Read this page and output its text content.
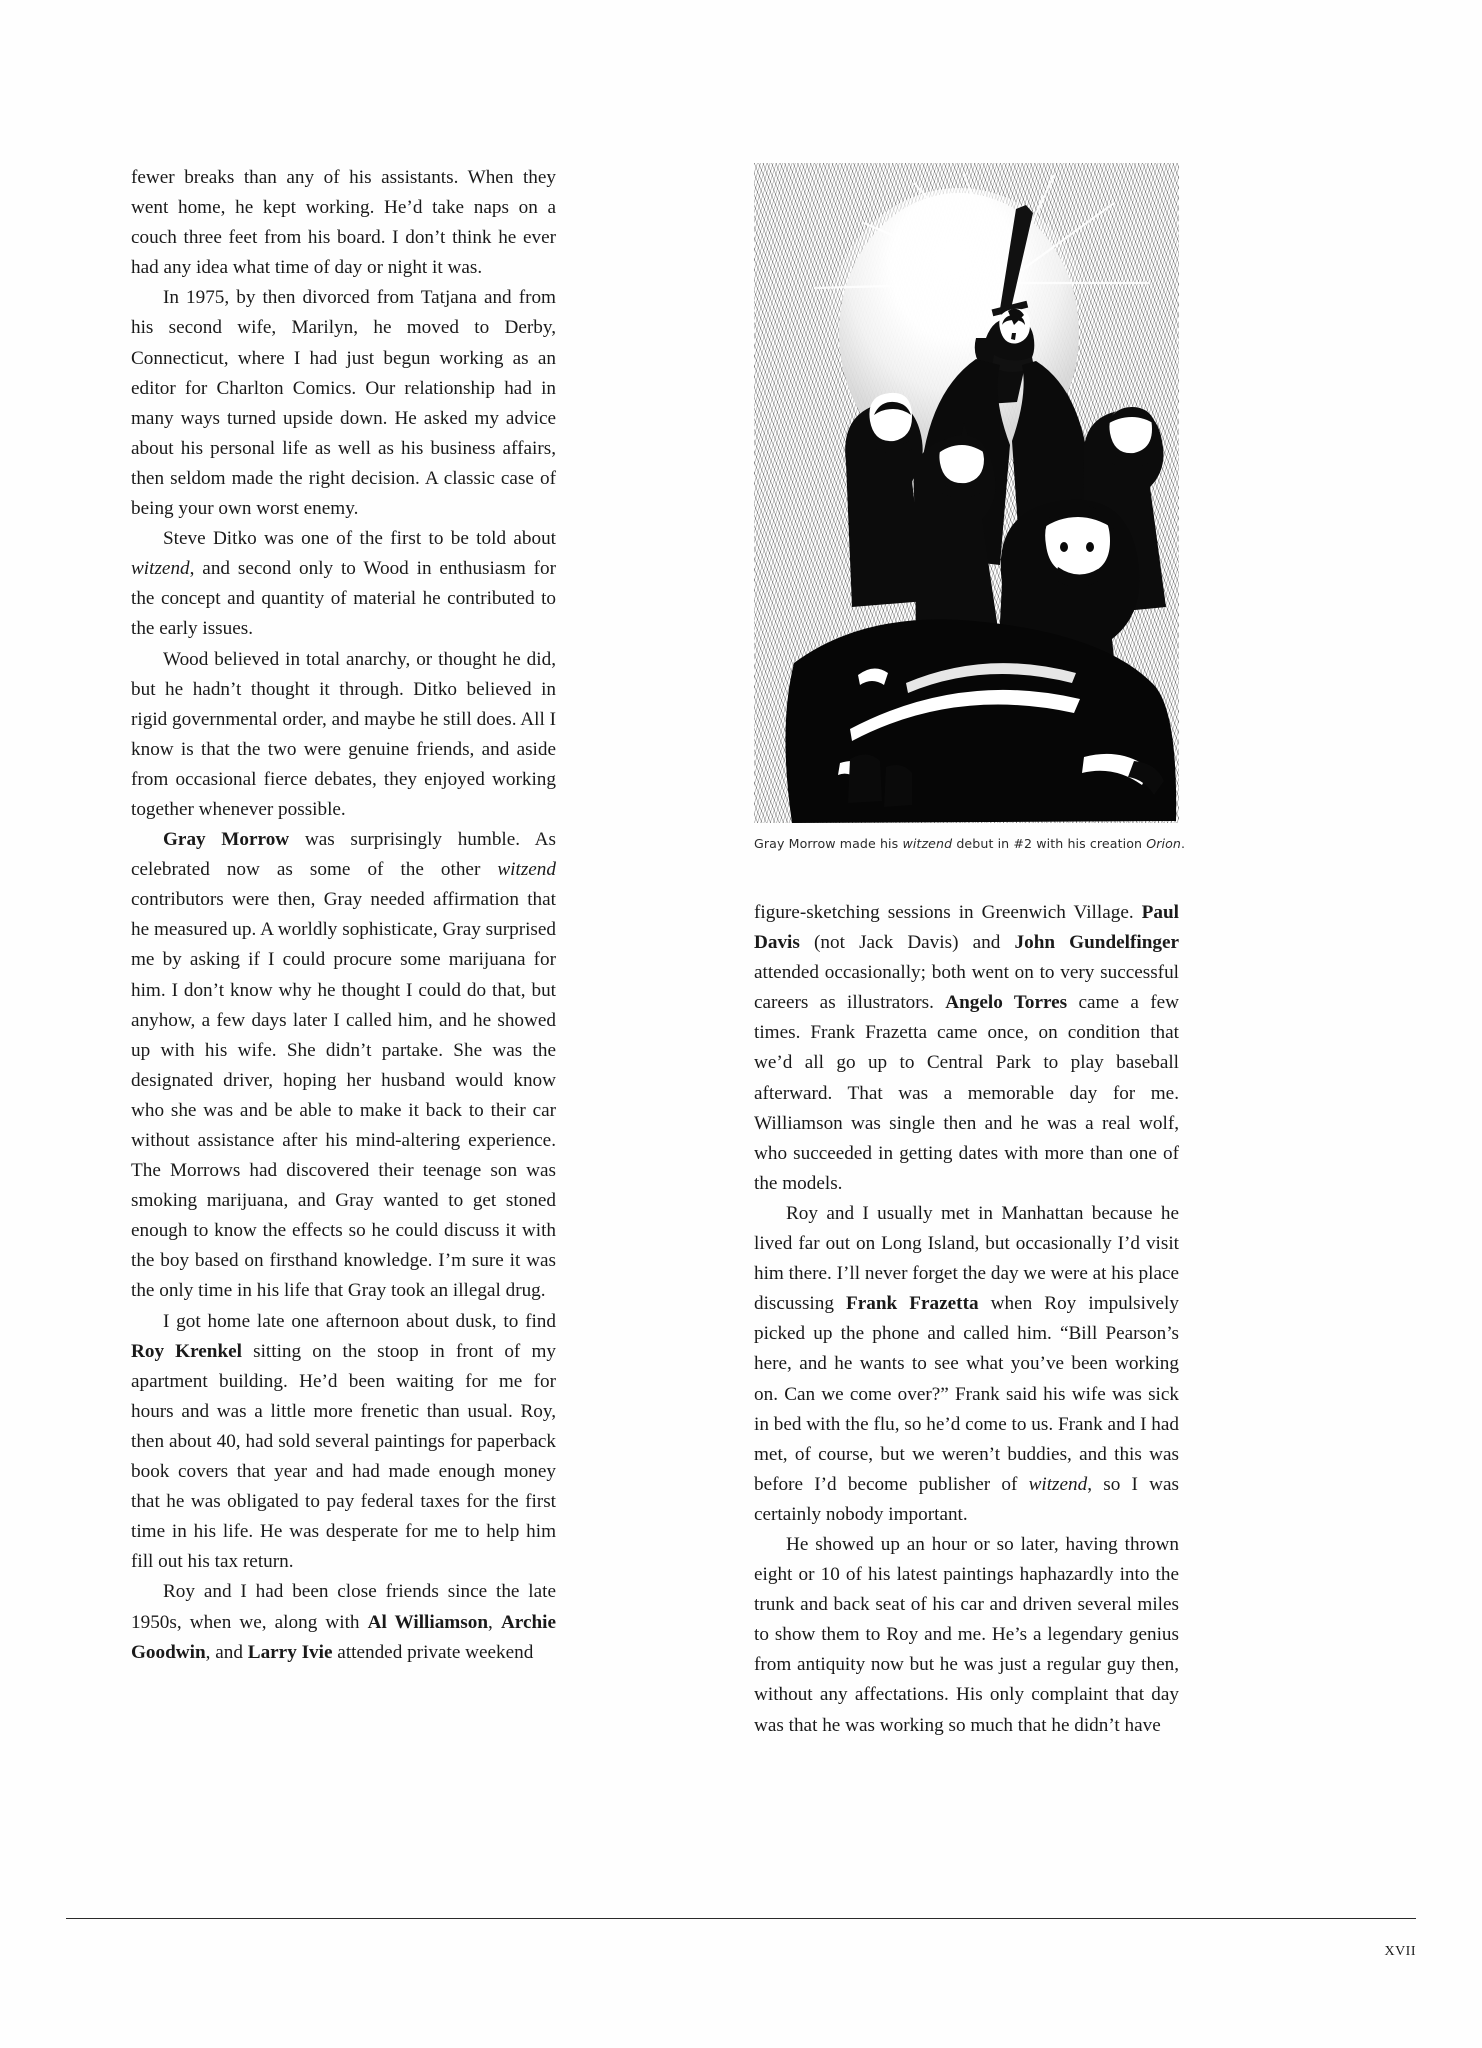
fewer breaks than any of his assistants. When they went home, he kept working. He’d take naps on a couch three feet from his board. I don’t think he ever had any idea what time of day or night it was.

In 1975, by then divorced from Tatjana and from his second wife, Marilyn, he moved to Derby, Connecticut, where I had just begun working as an editor for Charlton Comics. Our relationship had in many ways turned upside down. He asked my advice about his personal life as well as his business affairs, then seldom made the right decision. A classic case of being your own worst enemy.

Steve Ditko was one of the first to be told about witzend, and second only to Wood in enthusiasm for the concept and quantity of material he contributed to the early issues.

Wood believed in total anarchy, or thought he did, but he hadn’t thought it through. Ditko believed in rigid governmental order, and maybe he still does. All I know is that the two were genuine friends, and aside from occasional fierce debates, they enjoyed working together whenever possible.

Gray Morrow was surprisingly humble. As celebrated now as some of the other witzend contributors were then, Gray needed affirmation that he measured up. A worldly sophisticate, Gray surprised me by asking if I could procure some marijuana for him. I don’t know why he thought I could do that, but anyhow, a few days later I called him, and he showed up with his wife. She didn’t partake. She was the designated driver, hoping her husband would know who she was and be able to make it back to their car without assistance after his mind-altering experience. The Morrows had discovered their teenage son was smoking marijuana, and Gray wanted to get stoned enough to know the effects so he could discuss it with the boy based on firsthand knowledge. I’m sure it was the only time in his life that Gray took an illegal drug.

I got home late one afternoon about dusk, to find Roy Krenkel sitting on the stoop in front of my apartment building. He’d been waiting for me for hours and was a little more frenetic than usual. Roy, then about 40, had sold several paintings for paperback book covers that year and had made enough money that he was obligated to pay federal taxes for the first time in his life. He was desperate for me to help him fill out his tax return.

Roy and I had been close friends since the late 1950s, when we, along with Al Williamson, Archie Goodwin, and Larry Ivie attended private weekend

Gray Morrow made his witzend debut in #2 with his creation Orion.

figure-sketching sessions in Greenwich Village. Paul Davis (not Jack Davis) and John Gundelfinger attended occasionally; both went on to very successful careers as illustrators. Angelo Torres came a few times. Frank Frazetta came once, on condition that we’d all go up to Central Park to play baseball afterward. That was a memorable day for me. Williamson was single then and he was a real wolf, who succeeded in getting dates with more than one of the models.

Roy and I usually met in Manhattan because he lived far out on Long Island, but occasionally I’d visit him there. I’ll never forget the day we were at his place discussing Frank Frazetta when Roy impulsively picked up the phone and called him. “Bill Pearson’s here, and he wants to see what you’ve been working on. Can we come over?” Frank said his wife was sick in bed with the flu, so he’d come to us. Frank and I had met, of course, but we weren’t buddies, and this was before I’d become publisher of witzend, so I was certainly nobody important.

He showed up an hour or so later, having thrown eight or 10 of his latest paintings haphazardly into the trunk and back seat of his car and driven several miles to show them to Roy and me. He’s a legendary genius from antiquity now but he was just a regular guy then, without any affectations. His only complaint that day was that he was working so much that he didn’t have

xvii
